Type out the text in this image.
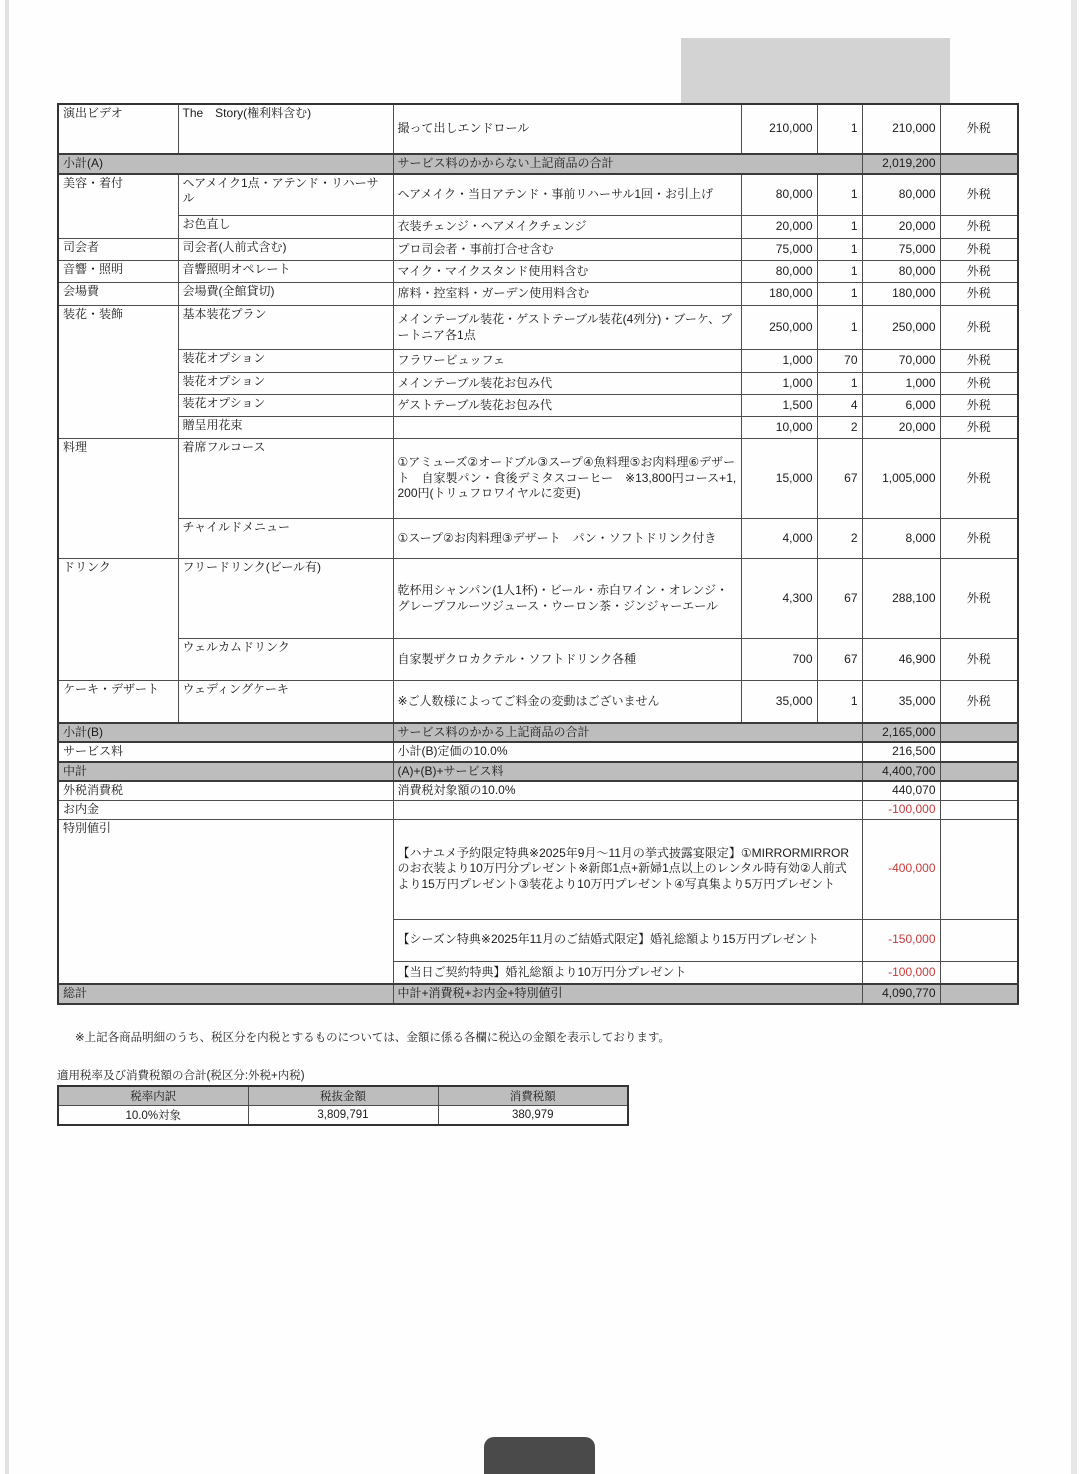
演出ビデオ	The　Story(権利料含む)	撮って出しエンドロール	210,000	1	210,000	外税
小計(A)		サービス料のかからない上記商品の合計			2,019,200	
美容・着付	ヘアメイク1点・アテンド・リハーサル	ヘアメイク・当日アテンド・事前リハーサル1回・お引上げ	80,000	1	80,000	外税
	お色直し	衣装チェンジ・ヘアメイクチェンジ	20,000	1	20,000	外税
司会者	司会者(人前式含む)	プロ司会者・事前打合せ含む	75,000	1	75,000	外税
音響・照明	音響照明オペレート	マイク・マイクスタンド使用料含む	80,000	1	80,000	外税
会場費	会場費(全館貸切)	席料・控室料・ガーデン使用料含む	180,000	1	180,000	外税
装花・装飾	基本装花プラン	メインテーブル装花・ゲストテーブル装花(4列分)・ブーケ、ブートニア各1点	250,000	1	250,000	外税
	装花オプション	フラワービュッフェ	1,000	70	70,000	外税
	装花オプション	メインテーブル装花お包み代	1,000	1	1,000	外税
	装花オプション	ゲストテーブル装花お包み代	1,500	4	6,000	外税
	贈呈用花束		10,000	2	20,000	外税
料理	着席フルコース	①アミューズ②オードブル③スープ④魚料理⑤お肉料理⑥デザート　自家製パン・食後デミタスコーヒー　※13,800円コース+1,200円(トリュフロワイヤルに変更)	15,000	67	1,005,000	外税
	チャイルドメニュー	①スープ②お肉料理③デザート　パン・ソフトドリンク付き	4,000	2	8,000	外税
ドリンク	フリードリンク(ビール有)	乾杯用シャンパン(1人1杯)・ビール・赤白ワイン・オレンジ・グレープフルーツジュース・ウーロン茶・ジンジャーエール	4,300	67	288,100	外税
	ウェルカムドリンク	自家製ザクロカクテル・ソフトドリンク各種	700	67	46,900	外税
ケーキ・デザート	ウェディングケーキ	※ご人数様によってご料金の変動はございません	35,000	1	35,000	外税
小計(B)		サービス料のかかる上記商品の合計			2,165,000	
サービス料		小計(B)定価の10.0%			216,500	
中計		(A)+(B)+サービス料			4,400,700	
外税消費税		消費税対象額の10.0%			440,070	
お内金					-100,000	
特別値引		【ハナユメ予約限定特典※2025年9月～11月の挙式披露宴限定】①MIRRORMIRRORのお衣装より10万円分プレゼント※新郎1点+新婦1点以上のレンタル時有効②人前式より15万円プレゼント③装花より10万円プレゼント④写真集より5万円プレゼント			-400,000	
		【シーズン特典※2025年11月のご結婚式限定】婚礼総額より15万円プレゼント			-150,000	
		【当日ご契約特典】婚礼総額より10万円分プレゼント			-100,000	
総計		中計+消費税+お内金+特別値引			4,090,770	
※上記各商品明細のうち、税区分を内税とするものについては、金額に係る各欄に税込の金額を表示しております。
適用税率及び消費税額の合計(税区分:外税+内税)
税率内訳	税抜金額	消費税額
10.0%対象	3,809,791	380,979
